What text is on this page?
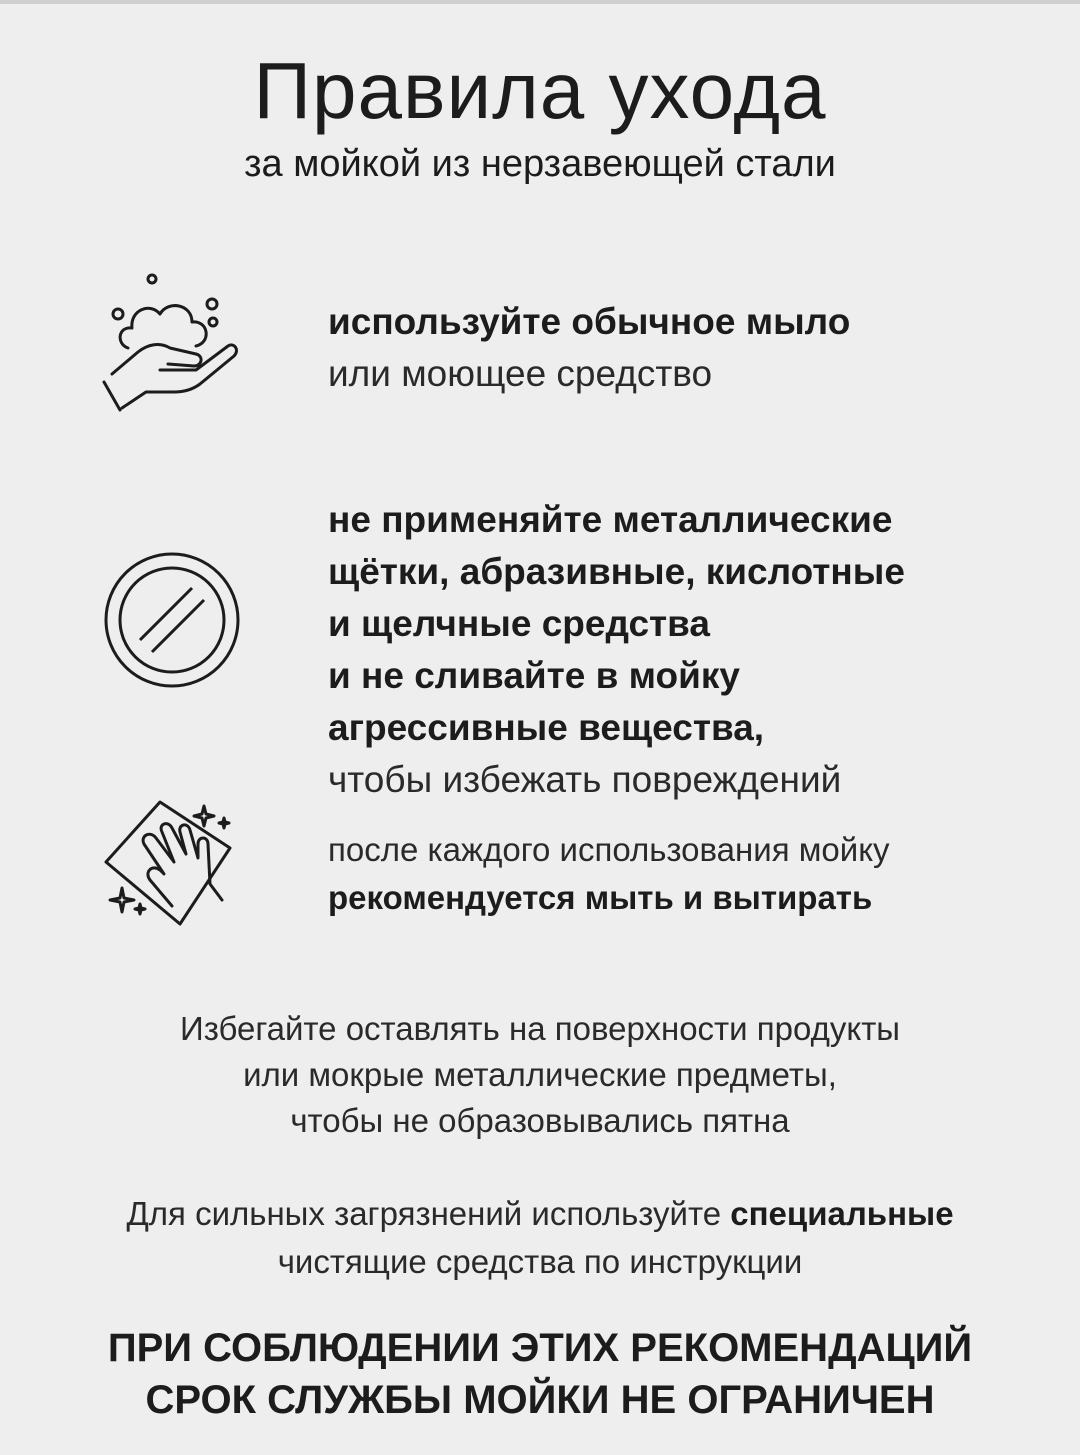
Правила ухода
за мойкой из нерзавеющей стали
используйте обычное мыло
или моющее средство
не применяйте металлические
щётки, абразивные, кислотные
и щелчные средства
и не сливайте в мойку
агрессивные вещества,
чтобы избежать повреждений
после каждого использования мойку
рекомендуется мыть и вытирать
Избегайте оставлять на поверхности продукты
или мокрые металлические предметы,
чтобы не образовывались пятна
Для сильных загрязнений используйте специальные
чистящие средства по инструкции
ПРИ СОБЛЮДЕНИИ ЭТИХ РЕКОМЕНДАЦИЙ
СРОК СЛУЖБЫ МОЙКИ НЕ ОГРАНИЧЕН
